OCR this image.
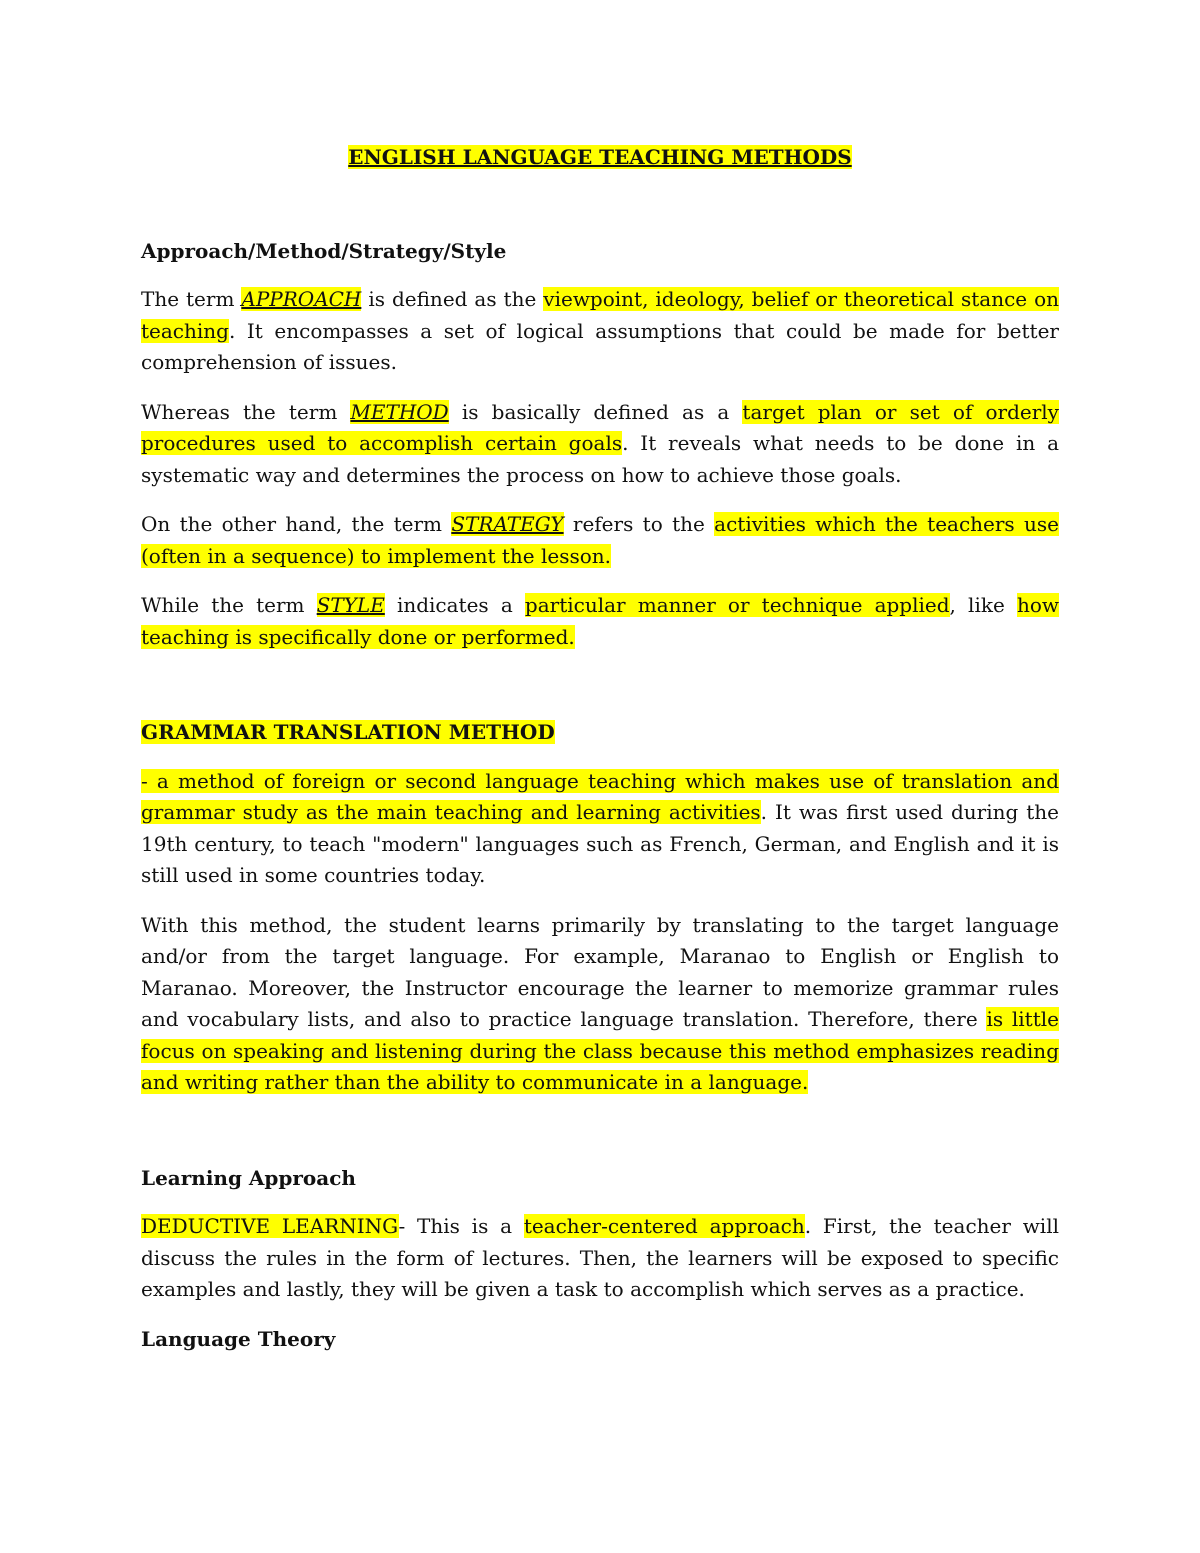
ENGLISH LANGUAGE TEACHING METHODS

Approach/Method/Strategy/Style

The term APPROACH is defined as the viewpoint, ideology, belief or theoretical stance on teaching. It encompasses a set of logical assumptions that could be made for better comprehension of issues.

Whereas the term METHOD is basically defined as a target plan or set of orderly procedures used to accomplish certain goals. It reveals what needs to be done in a systematic way and determines the process on how to achieve those goals.

On the other hand, the term STRATEGY refers to the activities which the teachers use (often in a sequence) to implement the lesson.

While the term STYLE indicates a particular manner or technique applied, like how teaching is specifically done or performed.

GRAMMAR TRANSLATION METHOD

- a method of foreign or second language teaching which makes use of translation and grammar study as the main teaching and learning activities. It was first used during the 19th century, to teach "modern" languages such as French, German, and English and it is still used in some countries today.

With this method, the student learns primarily by translating to the target language and/or from the target language. For example, Maranao to English or English to Maranao. Moreover, the Instructor encourage the learner to memorize grammar rules and vocabulary lists, and also to practice language translation. Therefore, there is little focus on speaking and listening during the class because this method emphasizes reading and writing rather than the ability to communicate in a language.

Learning Approach

DEDUCTIVE LEARNING- This is a teacher-centered approach. First, the teacher will discuss the rules in the form of lectures. Then, the learners will be exposed to specific examples and lastly, they will be given a task to accomplish which serves as a practice.

Language Theory
